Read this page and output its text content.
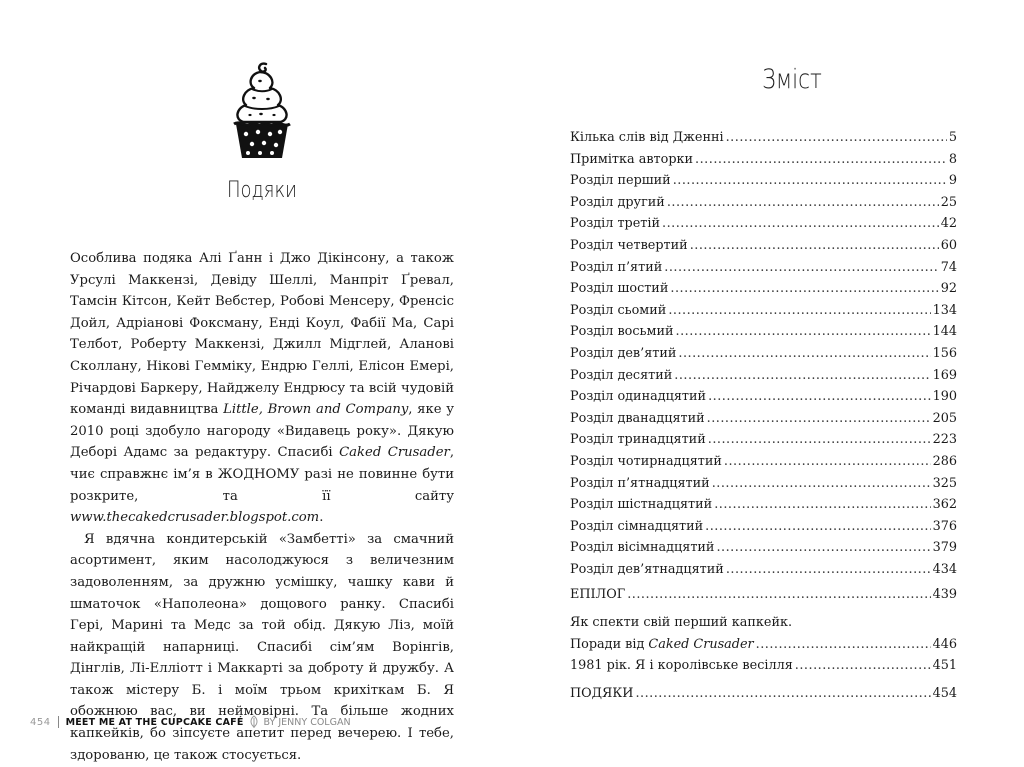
Подяки

Особлива подяка Алі Ґанн і Джо Дікінсону, а також Урсулі Маккензі, Девіду Шеллі, Манпріт Ґревал, Тамсін Кітсон, Кейт Вебстер, Робові Менсеру, Френсіс Дойл, Адріанові Фоксману, Енді Коул, Фабії Ма, Сарі Телбот, Роберту Маккензі, Джилл Мідглей, Аланові Сколлану, Нікові Гемміку, Ендрю Геллі, Елісон Емері, Річардові Баркеру, Найджелу Ендрюсу та всій чудовій команді видавництва Little, Brown and Company, яке у 2010 році здобуло нагороду «Видавець року». Дякую Деборі Адамс за редактуру. Спасибі Caked Crusader, чиє справжнє ім’я в ЖОДНОМУ разі не повинне бути розкрите, та її сайту www.thecakedcrusader.blogspot.com.

Я вдячна кондитерській «Замбетті» за смачний асортимент, яким насолоджуюся з величезним задоволенням, за дружню усмішку, чашку кави й шматочок «Наполеона» дощового ранку. Спасибі Гері, Марині та Медс за той обід. Дякую Ліз, моїй найкращій напарниці. Спасибі сім’ям Ворінгів, Дінглів, Лі-Елліотт і Маккарті за доброту й дружбу. А також містеру Б. і моїм трьом крихіткам Б. Я обожнюю вас, ви неймовірні. Та більше жодних капкейків, бо зіпсуєте апетит перед вечерею. І тебе, здорованю, це також стосується.

454 MEET ME AT THE CUPCAKE CAFÉ BY JENNY COLGAN
Зміст
Кілька слів від Дженні .....	5
Примітка авторки .....	8
Розділ перший .....	9
Розділ другий .....	25
Розділ третій .....	42
Розділ четвертий .....	60
Розділ п’ятий .....	74
Розділ шостий .....	92
Розділ сьомий .....	134
Розділ восьмий .....	144
Розділ дев’ятий .....	156
Розділ десятий .....	169
Розділ одинадцятий .....	190
Розділ дванадцятий .....	205
Розділ тринадцятий .....	223
Розділ чотирнадцятий .....	286
Розділ п’ятнадцятий .....	325
Розділ шістнадцятий .....	362
Розділ сімнадцятий .....	376
Розділ вісімнадцятий .....	379
Розділ дев’ятнадцятий .....	434
ЕПІЛОГ .....	439
Як спекти свій перший капкейк.
Поради від Caked Crusader .....	446
1981 рік. Я і королівське весілля .....	451
ПОДЯКИ .....	454
